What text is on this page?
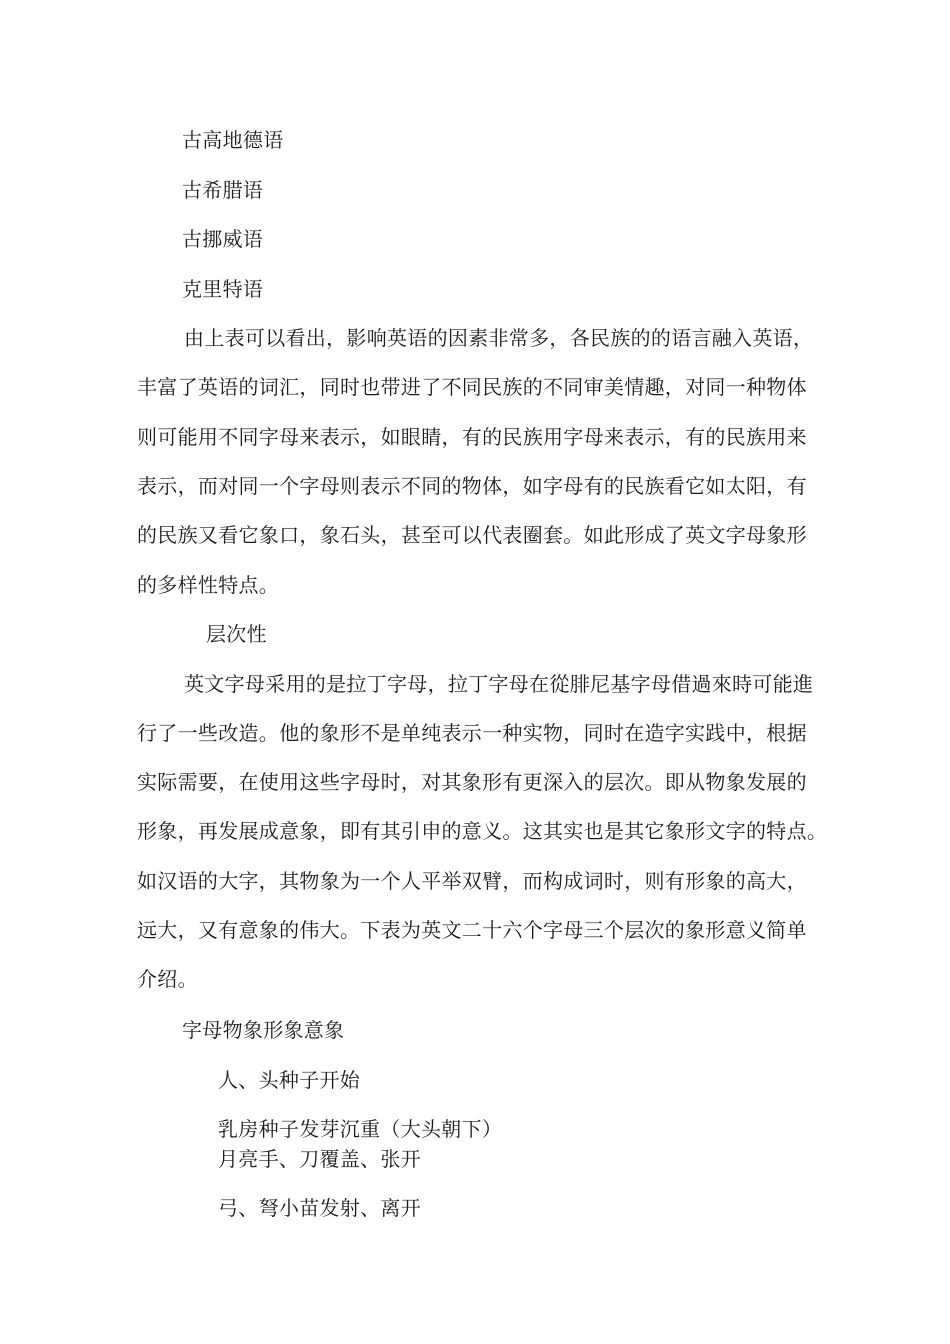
古高地德语
古希腊语
古挪威语
克里特语
由上表可以看出，影响英语的因素非常多，各民族的的语言融入英语，
丰富了英语的词汇，同时也带进了不同民族的不同审美情趣，对同一种物体
则可能用不同字母来表示，如眼睛，有的民族用字母来表示，有的民族用来
表示，而对同一个字母则表示不同的物体，如字母有的民族看它如太阳，有
的民族又看它象口，象石头，甚至可以代表圈套。如此形成了英文字母象形
的多样性特点。
层次性
英文字母采用的是拉丁字母，拉丁字母在從腓尼基字母借過來時可能進
行了一些改造。他的象形不是单纯表示一种实物，同时在造字实践中，根据
实际需要，在使用这些字母时，对其象形有更深入的层次。即从物象发展的
形象，再发展成意象，即有其引申的意义。这其实也是其它象形文字的特点。
如汉语的大字，其物象为一个人平举双臂，而构成词时，则有形象的高大，
远大，又有意象的伟大。下表为英文二十六个字母三个层次的象形意义简单
介绍。
字母物象形象意象
人、头种子开始
乳房种子发芽沉重（大头朝下）
月亮手、刀覆盖、张开
弓、弩小苗发射、离开
